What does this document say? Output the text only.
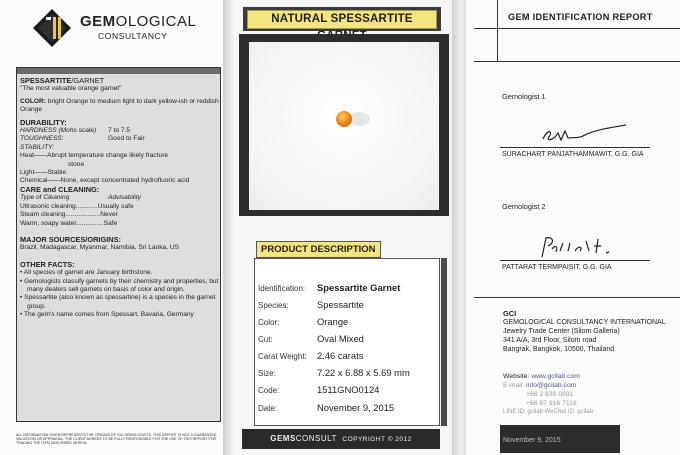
GEMOLOGICAL
CONSULTANCY
SPESSARTITE/GARNET
"The most valuable orange garnet"
COLOR: bright Orange to medium light to dark yellow-ish or reddish Orange
DURABILITY:
HARDNESS (Mohs scale)	7 to 7.5
TOUGHNESS:	Good to Fair
STABILITY:
Heat——Abrupt temperature change likely fracture
stone
Light——Stable
Chemical——None, except concentrated hydrofluoric acid
CARE and CLEANING:
Type of Cleaning	Advisability
Ultrasonic cleaning............ Usually safe
Steam cleaning................... Never
Warm, soapy water............... Safe
MAJOR SOURCES/ORIGINS:
Brazil, Madagascar, Myanmar, Namibia, Sri Lanka, US
OTHER FACTS:
• All species of garnet are January birthstone.
• Gemologists classify garnets by their chemistry and properties, but many dealers sell garnets on basis of color and origin.
• Spessartite (also known as spessartine) is a species in the garnet group.
• The gem's name comes from Spessart, Bavaria, Germany
ALL INFORMATION GIVEN REPRESENTS THE OPINION OF GCI GEMOLOGISTS. THIS REPORT IS NOT A GUARANTEE, VALUATION OR APPRAISAL. THE CLIENT AGREES TO BE FULLY RESPONSIBLE FOR THE USE OF THIS REPORT FOR TRADING THE ITEM DESCRIBED HEREIN.
NATURAL SPESSARTITE
PRODUCT DESCRIPTION
Identification:	Spessartite Garnet
Species:	Spessartite
Color:	Orange
Cut:	Oval Mixed
Carat Weight:	2.46 carats
Size:	7.22 x 6.88 x 5.69 mm
Code:	1511GNO0124
Date:	November 9, 2015
GEMSCONSULT COPYRIGHT © 2012
GEM IDENTIFICATION REPORT
Gemologist 1
SURACHART PANJATHAMMAWIT, G.G. GIA
Gemologist 2
PATTARAT TERMPAISIT, G.G. GIA
GCI
GEMOLOGICAL CONSULTANCY INTERNATIONAL
Jewelry Trade Center (Silom Galleria)
341 A/A, 3rd Floor, Silom road
Bangrak, Bangkok, 10500, Thailand
Website: www.gcilab.com
E-mail: info@gcilab.com
+66 2 630 0891
+66 87 916 7118
LINE ID: gcilab WeChat ID: gcilab
November 9, 2015
